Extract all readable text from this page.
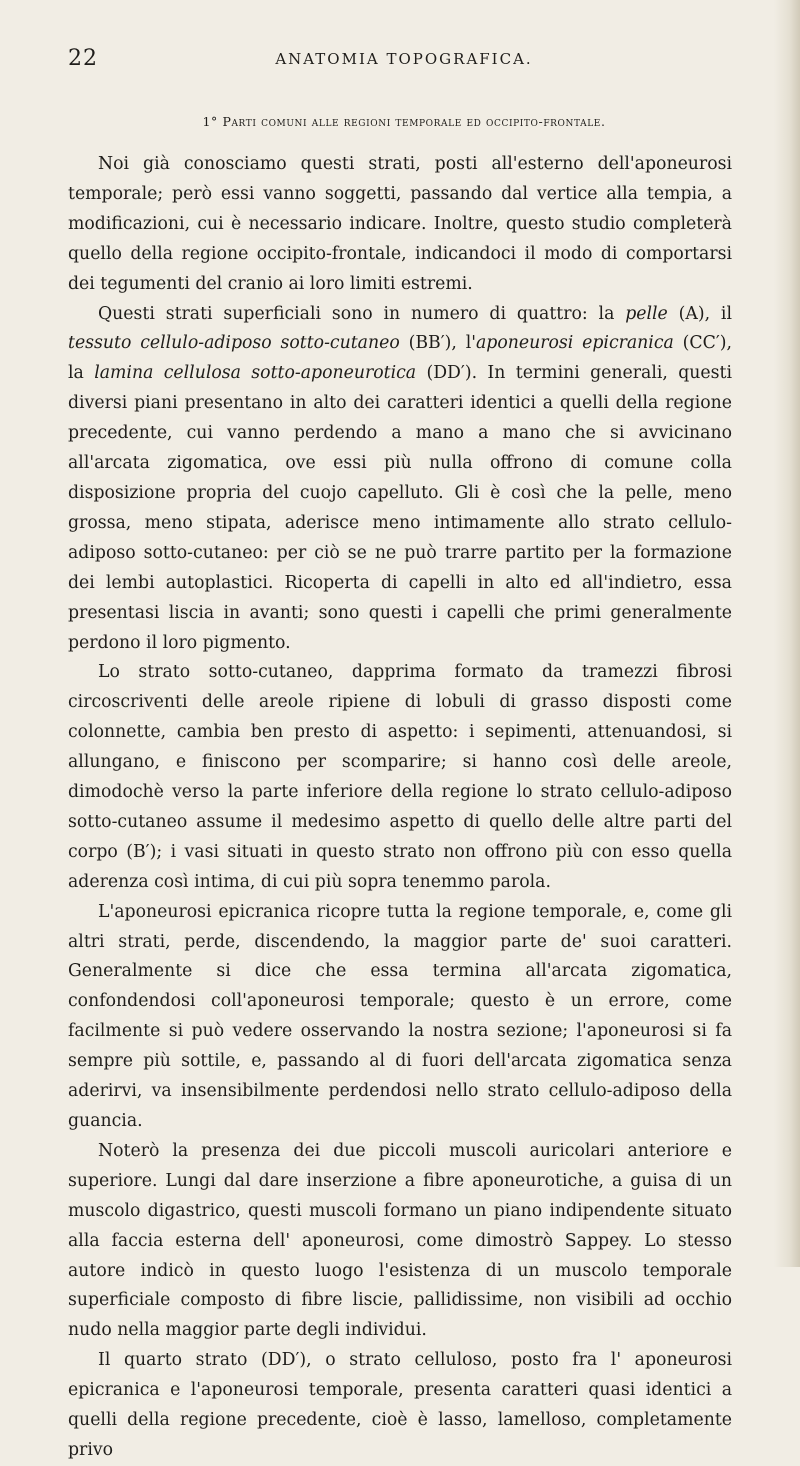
22	ANATOMIA TOPOGRAFICA.
1° Parti comuni alle regioni temporale ed occipito-frontale.

Noi già conosciamo questi strati, posti all'esterno dell'aponeurosi temporale; però essi vanno soggetti, passando dal vertice alla tempia, a modificazioni, cui è necessario indicare. Inoltre, questo studio completerà quello della regione occipito-frontale, indicandoci il modo di comportarsi dei tegumenti del cranio ai loro limiti estremi.

Questi strati superficiali sono in numero di quattro: la pelle (A), il tessuto cellulo-adiposo sotto-cutaneo (BB′), l'aponeurosi epicranica (CC′), la lamina cellulosa sotto-aponeurotica (DD′). In termini generali, questi diversi piani presentano in alto dei caratteri identici a quelli della regione precedente, cui vanno perdendo a mano a mano che si avvicinano all'arcata zigomatica, ove essi più nulla offrono di comune colla disposizione propria del cuojo capelluto. Gli è così che la pelle, meno grossa, meno stipata, aderisce meno intimamente allo strato cellulo-adiposo sotto-cutaneo: per ciò se ne può trarre partito per la formazione dei lembi autoplastici. Ricoperta di capelli in alto ed all'indietro, essa presentasi liscia in avanti; sono questi i capelli che primi generalmente perdono il loro pigmento.

Lo strato sotto-cutaneo, dapprima formato da tramezzi fibrosi circoscriventi delle areole ripiene di lobuli di grasso disposti come colonnette, cambia ben presto di aspetto: i sepimenti, attenuandosi, si allungano, e finiscono per scomparire; si hanno così delle areole, dimodochè verso la parte inferiore della regione lo strato cellulo-adiposo sotto-cutaneo assume il medesimo aspetto di quello delle altre parti del corpo (B′); i vasi situati in questo strato non offrono più con esso quella aderenza così intima, di cui più sopra tenemmo parola.

L'aponeurosi epicranica ricopre tutta la regione temporale, e, come gli altri strati, perde, discendendo, la maggior parte de' suoi caratteri. Generalmente si dice che essa termina all'arcata zigomatica, confondendosi coll'aponeurosi temporale; questo è un errore, come facilmente si può vedere osservando la nostra sezione; l'aponeurosi si fa sempre più sottile, e, passando al di fuori dell'arcata zigomatica senza aderirvi, va insensibilmente perdendosi nello strato cellulo-adiposo della guancia.

Noterò la presenza dei due piccoli muscoli auricolari anteriore e superiore. Lungi dal dare inserzione a fibre aponeurotiche, a guisa di un muscolo digastrico, questi muscoli formano un piano indipendente situato alla faccia esterna dell' aponeurosi, come dimostrò Sappey. Lo stesso autore indicò in questo luogo l'esistenza di un muscolo temporale superficiale composto di fibre liscie, pallidissime, non visibili ad occhio nudo nella maggior parte degli individui.

Il quarto strato (DD′), o strato celluloso, posto fra l' aponeurosi epicranica e l'aponeurosi temporale, presenta caratteri quasi identici a quelli della regione precedente, cioè è lasso, lamelloso, completamente privo
